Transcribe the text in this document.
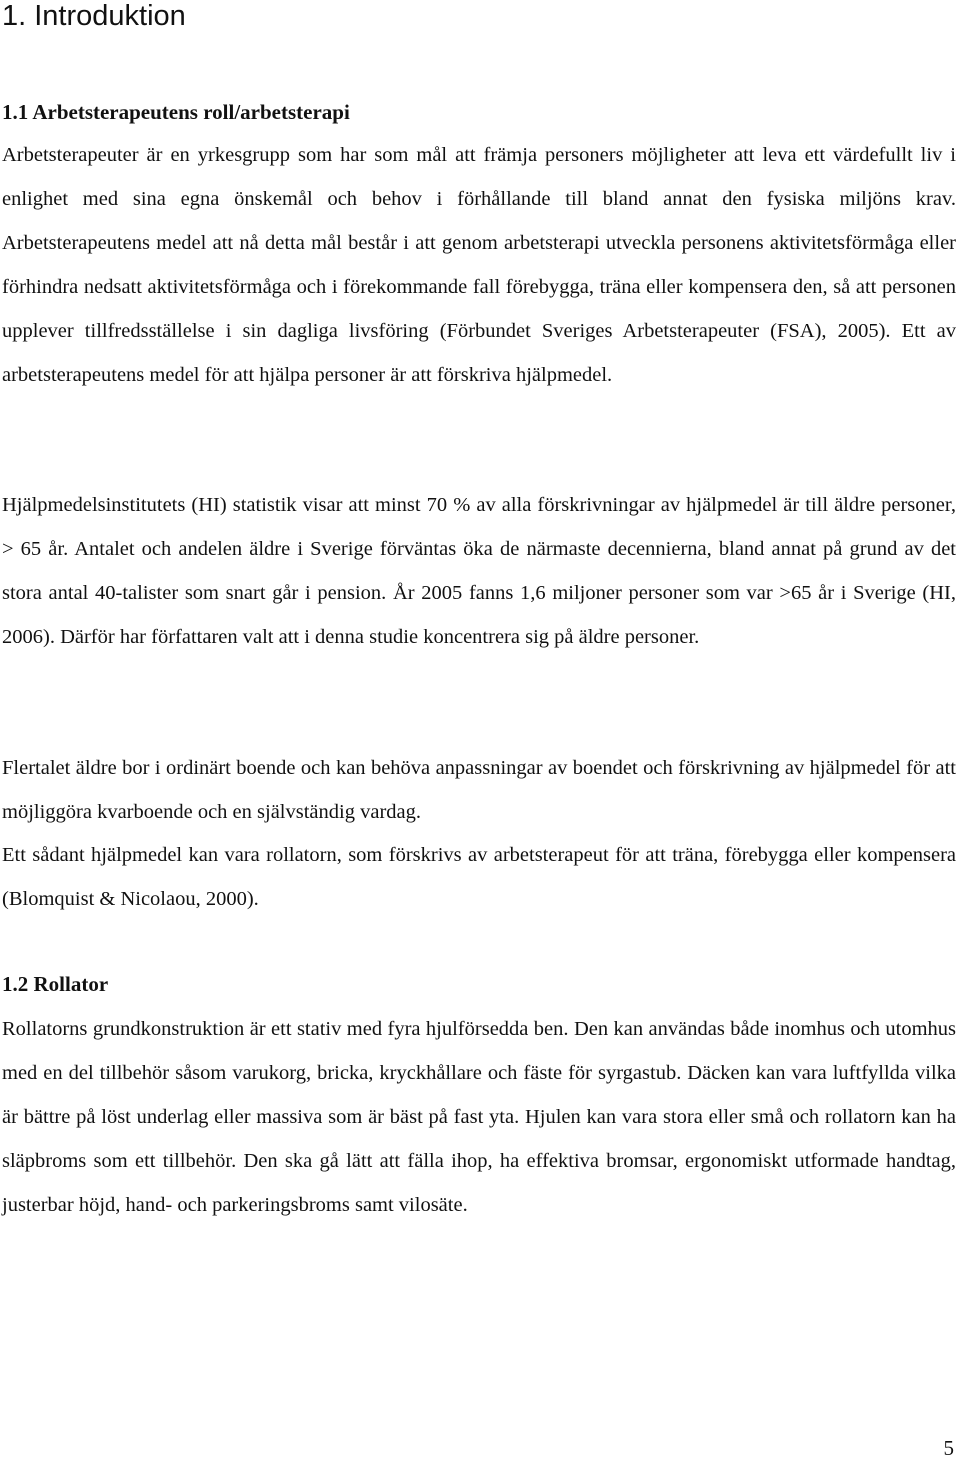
1. Introduktion
1.1 Arbetsterapeutens roll/arbetsterapi

Arbetsterapeuter är en yrkesgrupp som har som mål att främja personers möjligheter att leva ett värdefullt liv i enlighet med sina egna önskemål och behov i förhållande till bland annat den fysiska miljöns krav. Arbetsterapeutens medel att nå detta mål består i att genom arbetsterapi utveckla personens aktivitetsförmåga eller förhindra nedsatt aktivitetsförmåga och i förekommande fall förebygga, träna eller kompensera den, så att personen upplever tillfredsställelse i sin dagliga livsföring (Förbundet Sveriges Arbetsterapeuter (FSA), 2005). Ett av arbetsterapeutens medel för att hjälpa personer är att förskriva hjälpmedel.

Hjälpmedelsinstitutets (HI) statistik visar att minst 70 % av alla förskrivningar av hjälpmedel är till äldre personer, > 65 år. Antalet och andelen äldre i Sverige förväntas öka de närmaste decennierna, bland annat på grund av det stora antal 40-talister som snart går i pension. År 2005 fanns 1,6 miljoner personer som var >65 år i Sverige (HI, 2006). Därför har författaren valt att i denna studie koncentrera sig på äldre personer.

Flertalet äldre bor i ordinärt boende och kan behöva anpassningar av boendet och förskrivning av hjälpmedel för att möjliggöra kvarboende och en självständig vardag.

Ett sådant hjälpmedel kan vara rollatorn, som förskrivs av arbetsterapeut för att träna, förebygga eller kompensera (Blomquist & Nicolaou, 2000).

1.2 Rollator

Rollatorns grundkonstruktion är ett stativ med fyra hjulförsedda ben. Den kan användas både inomhus och utomhus med en del tillbehör såsom varukorg, bricka, kryckhållare och fäste för syrgastub. Däcken kan vara luftfyllda vilka är bättre på löst underlag eller massiva som är bäst på fast yta. Hjulen kan vara stora eller små och rollatorn kan ha släpbroms som ett tillbehör. Den ska gå lätt att fälla ihop, ha effektiva bromsar, ergonomiskt utformade handtag, justerbar höjd, hand- och parkeringsbroms samt vilosäte.

5
